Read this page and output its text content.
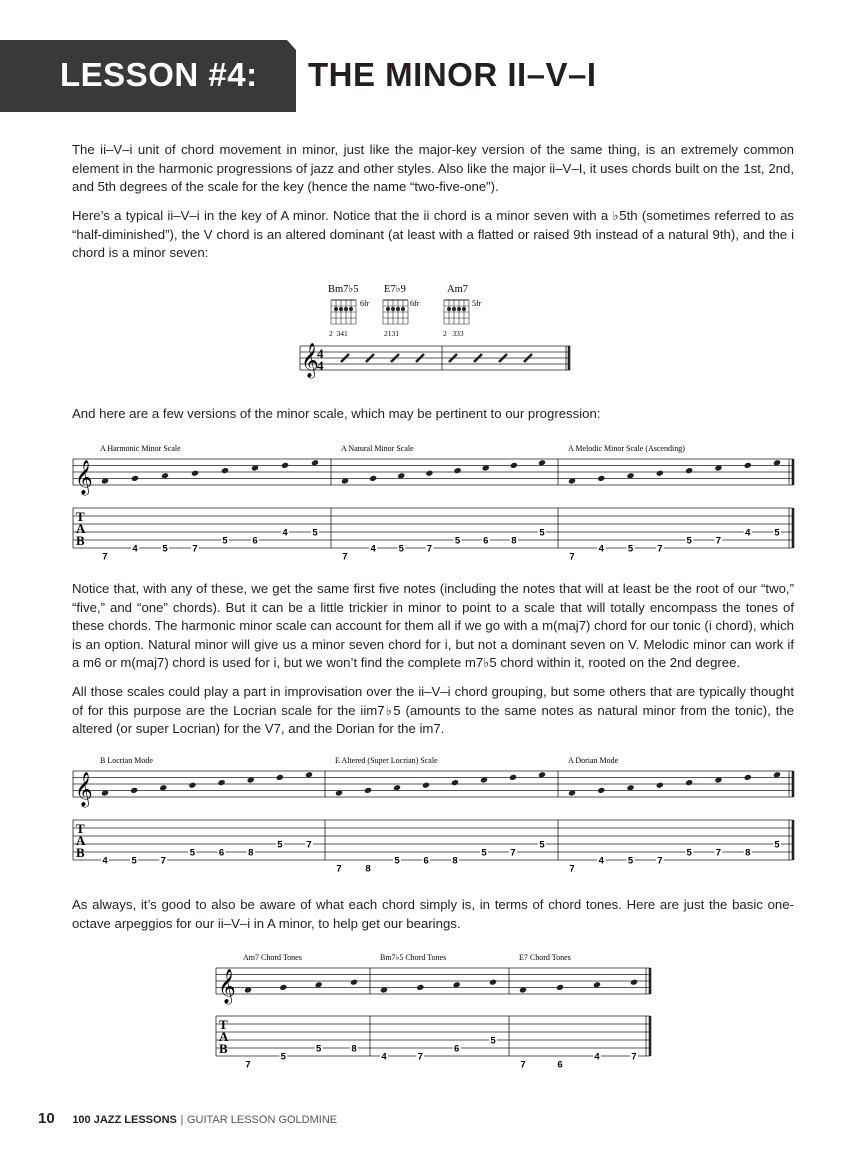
LESSON #4: THE MINOR II–V–I

The ii–V–i unit of chord movement in minor, just like the major-key version of the same thing, is an extremely common element in the harmonic progressions of jazz and other styles. Also like the major ii–V–I, it uses chords built on the 1st, 2nd, and 5th degrees of the scale for the key (hence the name “two-five-one”).

Here’s a typical ii–V–i in the key of A minor. Notice that the ii chord is a minor seven with a ♭5th (sometimes referred to as “half-diminished”), the V chord is an altered dominant (at least with a flatted or raised 9th instead of a natural 9th), and the i chord is a minor seven:

And here are a few versions of the minor scale, which may be pertinent to our progression:

Notice that, with any of these, we get the same first five notes (including the notes that will at least be the root of our “two,” “five,” and “one” chords). But it can be a little trickier in minor to point to a scale that will totally encompass the tones of these chords. The harmonic minor scale can account for them all if we go with a m(maj7) chord for our tonic (i chord), which is an option. Natural minor will give us a minor seven chord for i, but not a dominant seven on V. Melodic minor can work if a m6 or m(maj7) chord is used for i, but we won’t find the complete m7♭5 chord within it, rooted on the 2nd degree.

All those scales could play a part in improvisation over the ii–V–i chord grouping, but some others that are typically thought of for this purpose are the Locrian scale for the iim7♭5 (amounts to the same notes as natural minor from the tonic), the altered (or super Locrian) for the V7, and the Dorian for the im7.

As always, it’s good to also be aware of what each chord simply is, in terms of chord tones. Here are just the basic one-octave arpeggios for our ii–V–i in A minor, to help get our bearings.

Bm7♭5
6fr
2  341
E7♭9
6fr
2131
Am7
5fr
2   333
𝄞
4
4
𝄞
T
A
B
A Harmonic Minor Scale
7
4	5	7
5	6
4	5
A Natural Minor Scale
7
4 5 7
5 6 8
5
A Melodic Minor Scale (Ascending)
7
4	5	7
5	7
4	5
𝄞
T
A
B
B Locrian Mode
4	5	7
5	6	8
5	7
E Altered (Super Locrian) Scale
7 8
5 6 8
5 7
5
A Dorian Mode
7
4	5	7
5	7	8
5
𝄞
T
A
B
Am7 Chord Tones
7
5
5	8
Bm7♭5 Chord Tones
4	7
6
5
E7 Chord Tones
7	6
4	7
10 100 JAZZ LESSONS | GUITAR LESSON GOLDMINE
